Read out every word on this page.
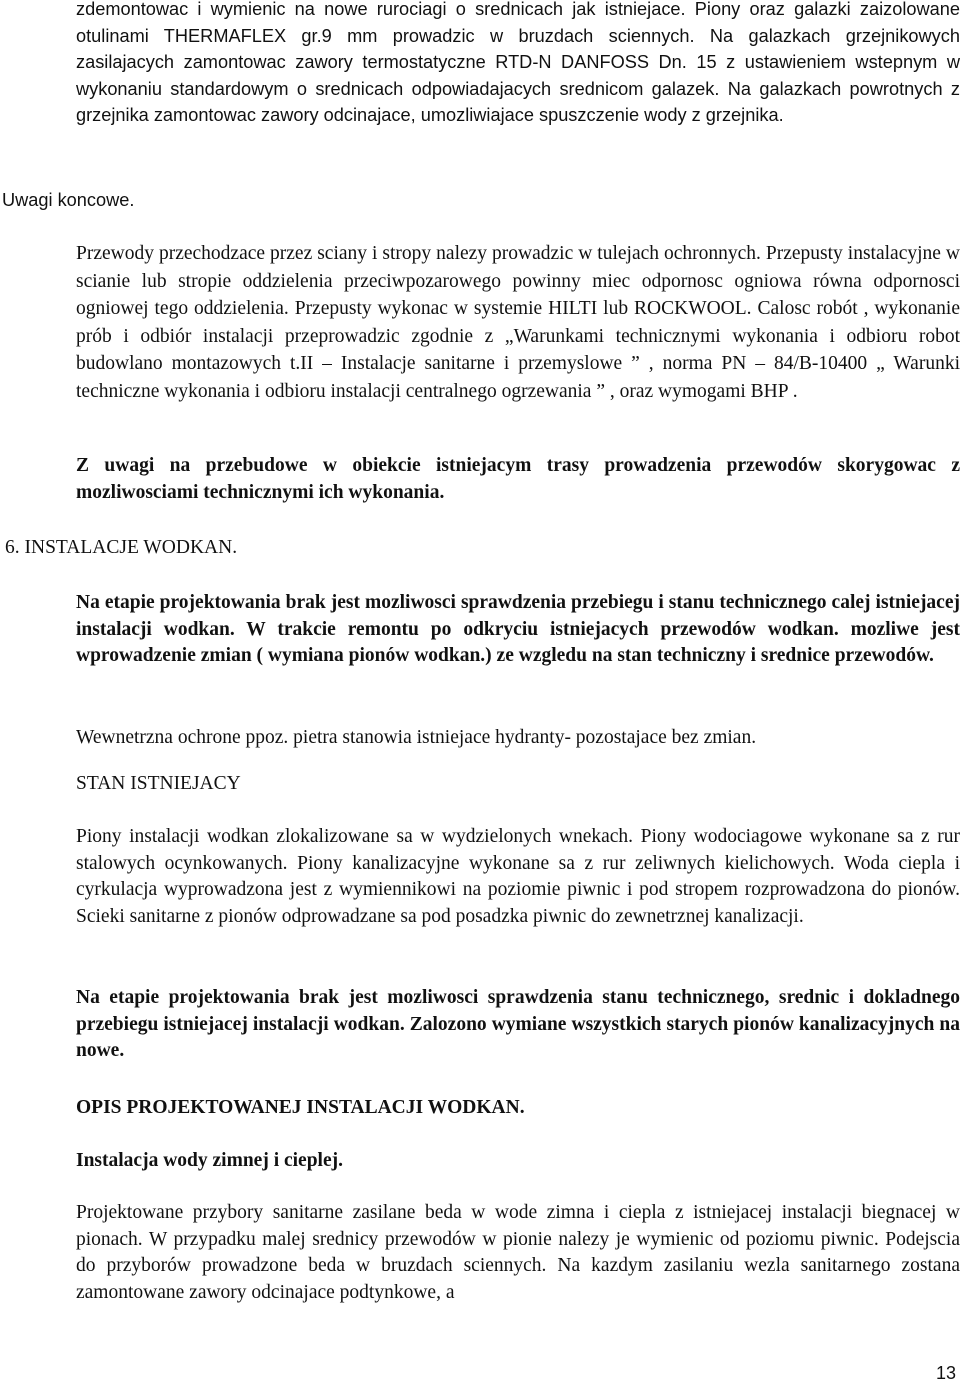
zdemontowac i wymienic na nowe rurociagi o srednicach jak istniejace. Piony oraz galazki zaizolowane otulinami THERMAFLEX gr.9 mm prowadzic w bruzdach sciennych. Na galazkach grzejnikowych zasilajacych zamontowac zawory termostatyczne RTD-N DANFOSS Dn. 15 z ustawieniem wstepnym w wykonaniu standardowym o srednicach odpowiadajacych srednicom galazek. Na galazkach powrotnych z grzejnika zamontowac zawory odcinajace, umozliwiajace spuszczenie wody z grzejnika.

Uwagi koncowe.

Przewody przechodzace przez sciany i stropy nalezy prowadzic w tulejach ochronnych. Przepusty instalacyjne w scianie lub stropie oddzielenia przeciwpozarowego powinny miec odpornosc ogniowa równa odpornosci ogniowej tego oddzielenia. Przepusty wykonac w systemie HILTI lub ROCKWOOL. Calosc robót , wykonanie prób i odbiór instalacji przeprowadzic zgodnie z „Warunkami technicznymi wykonania i odbioru robot budowlano montazowych t.II – Instalacje sanitarne i przemyslowe ” , norma PN – 84/B-10400 „ Warunki techniczne wykonania i odbioru instalacji centralnego ogrzewania ” , oraz wymogami BHP .

Z uwagi na przebudowe w obiekcie istniejacym trasy prowadzenia przewodów skorygowac z mozliwosciami technicznymi ich wykonania.

6. INSTALACJE WODKAN.

Na etapie projektowania brak jest mozliwosci sprawdzenia przebiegu i stanu technicznego calej istniejacej instalacji wodkan. W trakcie remontu po odkryciu istniejacych przewodów wodkan. mozliwe jest wprowadzenie zmian ( wymiana pionów wodkan.) ze wzgledu na stan techniczny i srednice przewodów.

Wewnetrzna ochrone ppoz. pietra stanowia istniejace hydranty- pozostajace bez zmian.

STAN ISTNIEJACY

Piony instalacji wodkan zlokalizowane sa w wydzielonych wnekach. Piony wodociagowe wykonane sa z rur stalowych ocynkowanych. Piony kanalizacyjne wykonane sa z rur zeliwnych kielichowych. Woda ciepla i cyrkulacja wyprowadzona jest z wymiennikowi na poziomie piwnic i pod stropem rozprowadzona do pionów. Scieki sanitarne z pionów odprowadzane sa pod posadzka piwnic do zewnetrznej kanalizacji.

Na etapie projektowania brak jest mozliwosci sprawdzenia stanu technicznego, srednic i dokladnego przebiegu istniejacej instalacji wodkan. Zalozono wymiane wszystkich starych pionów kanalizacyjnych na nowe.

OPIS PROJEKTOWANEJ INSTALACJI WODKAN.
Instalacja wody zimnej i cieplej.

Projektowane przybory sanitarne zasilane beda w wode zimna i ciepla z istniejacej instalacji biegnacej w pionach. W przypadku malej srednicy przewodów w pionie nalezy je wymienic od poziomu piwnic. Podejscia do przyborów prowadzone beda w bruzdach sciennych. Na kazdym zasilaniu wezla sanitarnego zostana zamontowane zawory odcinajace podtynkowe, a

13
